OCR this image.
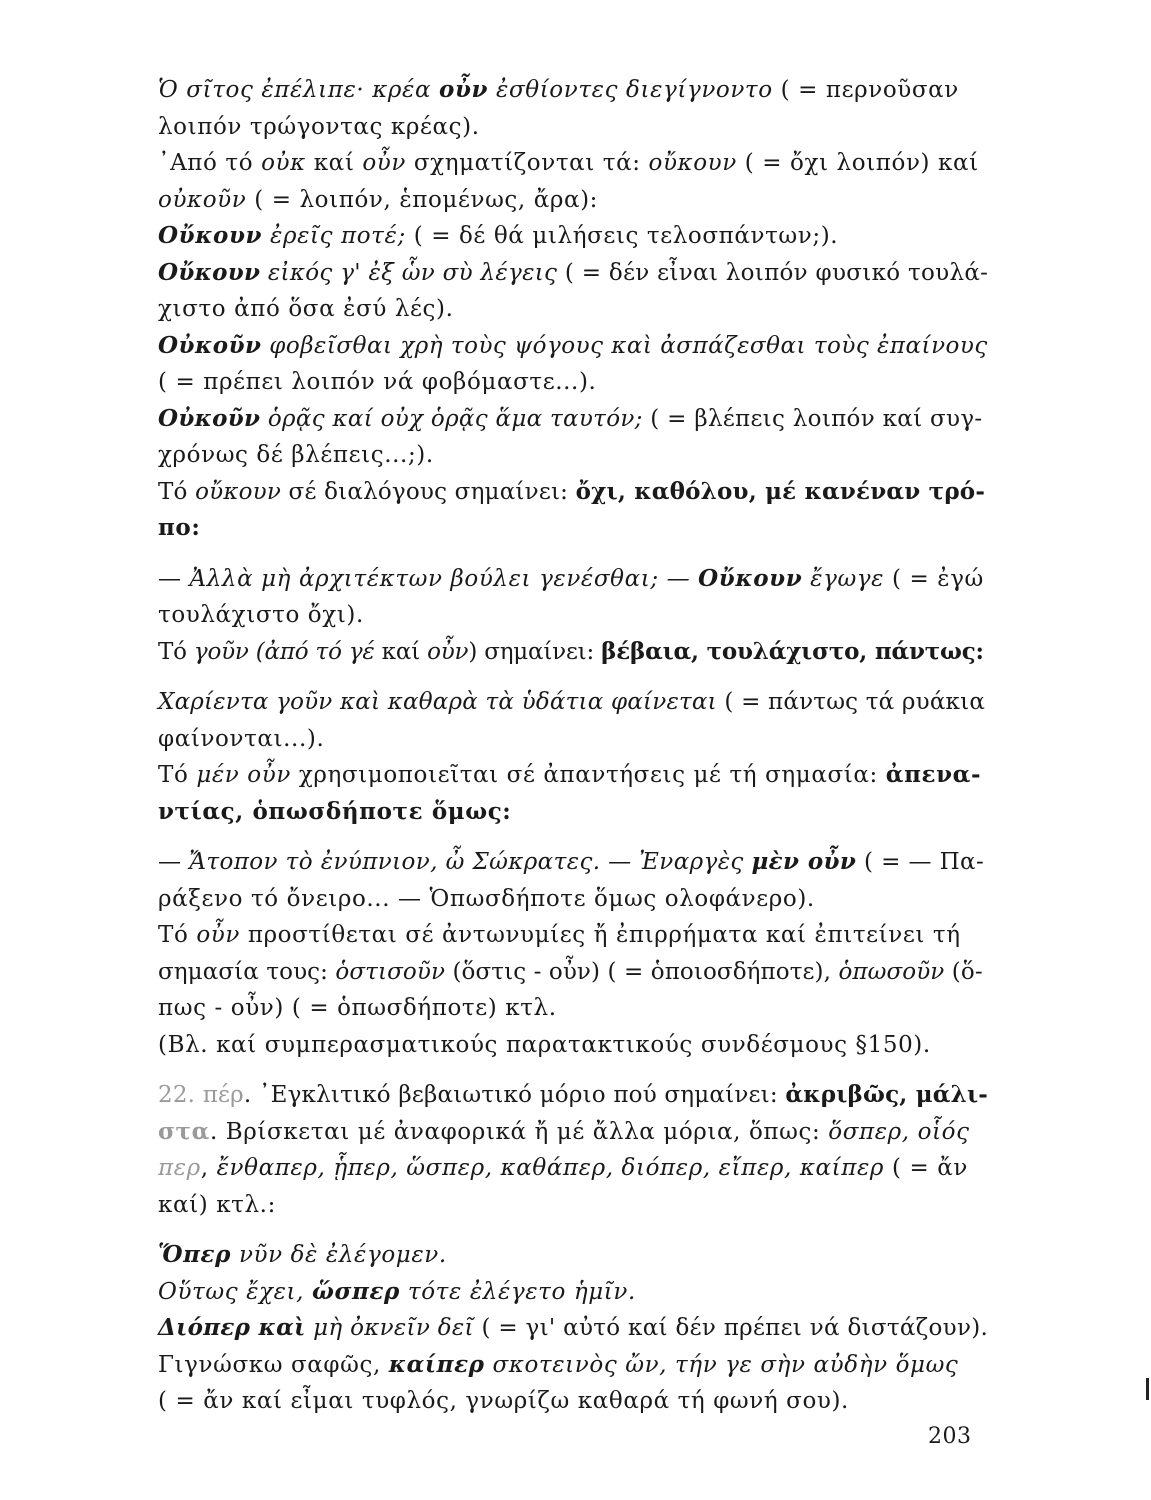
Ὁ σῖτος ἐπέλιπε· κρέα οὖν ἐσθίοντες διεγίγνοντο ( = περνοῦσαν
λοιπόν τρώγοντας κρέας).
᾿Από τό οὐκ καί οὖν σχηματίζονται τά: οὔκουν ( = ὄχι λοιπόν) καί
οὐκοῦν ( = λοιπόν, ἑπομένως, ἄρα):
Οὔκουν ἐρεῖς ποτέ; ( = δέ θά μιλήσεις τελοσπάντων;).
Οὔκουν εἰκός γ' ἐξ ὧν σὺ λέγεις ( = δέν εἶναι λοιπόν φυσικό τουλά-
χιστο ἀπό ὅσα ἐσύ λές).
Οὐκοῦν φοβεῖσθαι χρὴ τοὺς ψόγους καὶ ἀσπάζεσθαι τοὺς ἐπαίνους
( = πρέπει λοιπόν νά φοβόμαστε...).
Οὐκοῦν ὁρᾷς καί οὐχ ὁρᾷς ἅμα ταυτόν; ( = βλέπεις λοιπόν καί συγ-
χρόνως δέ βλέπεις...;).
Τό οὔκουν σέ διαλόγους σημαίνει: ὄχι, καθόλου, μέ κανέναν τρό-
πο:
— Ἀλλὰ μὴ ἀρχιτέκτων βούλει γενέσθαι; — Οὔκουν ἔγωγε ( = ἐγώ
τουλάχιστο ὄχι).
Τό γοῦν (ἀπό τό γέ καί οὖν) σημαίνει: βέβαια, τουλάχιστο, πάντως:
Χαρίεντα γοῦν καὶ καθαρὰ τὰ ὑδάτια φαίνεται ( = πάντως τά ρυάκια
φαίνονται...).
Τό μέν οὖν χρησιμοποιεῖται σέ ἀπαντήσεις μέ τή σημασία: ἀπενα-
ντίας, ὁπωσδήποτε ὅμως:
— Ἄτοπον τὸ ἐνύπνιον, ὦ Σώκρατες. — Ἐναργὲς μὲν οὖν ( = — Πα-
ράξενο τό ὄνειρο... — Ὁπωσδήποτε ὅμως ολοφάνερο).
Τό οὖν προστίθεται σέ ἀντωνυμίες ἤ ἐπιρρήματα καί ἐπιτείνει τή
σημασία τους: ὁστισοῦν (ὅστις - οὖν) ( = ὁποιοσδήποτε), ὁπωσοῦν (ὅ-
πως - οὖν) ( = ὁπωσδήποτε) κτλ.
(Βλ. καί συμπερασματικούς παρατακτικούς συνδέσμους §150).
22. πέρ. ᾿Εγκλιτικό βεβαιωτικό μόριο πού σημαίνει: ἀκριβῶς, μάλι-
στα. Βρίσκεται μέ ἀναφορικά ἤ μέ ἄλλα μόρια, ὅπως: ὅσπερ, οἷός
περ, ἔνθαπερ, ᾗπερ, ὥσπερ, καθάπερ, διόπερ, εἴπερ, καίπερ ( = ἄν
καί) κτλ.:
Ὅπερ νῦν δὲ ἐλέγομεν.
Οὕτως ἔχει, ὥσπερ τότε ἐλέγετο ἡμῖν.
Διόπερ καὶ μὴ ὀκνεῖν δεῖ ( = γι' αὐτό καί δέν πρέπει νά διστάζουν).
Γιγνώσκω σαφῶς, καίπερ σκοτεινὸς ὤν, τήν γε σὴν αὐδὴν ὅμως
( = ἄν καί εἶμαι τυφλός, γνωρίζω καθαρά τή φωνή σου).
203
